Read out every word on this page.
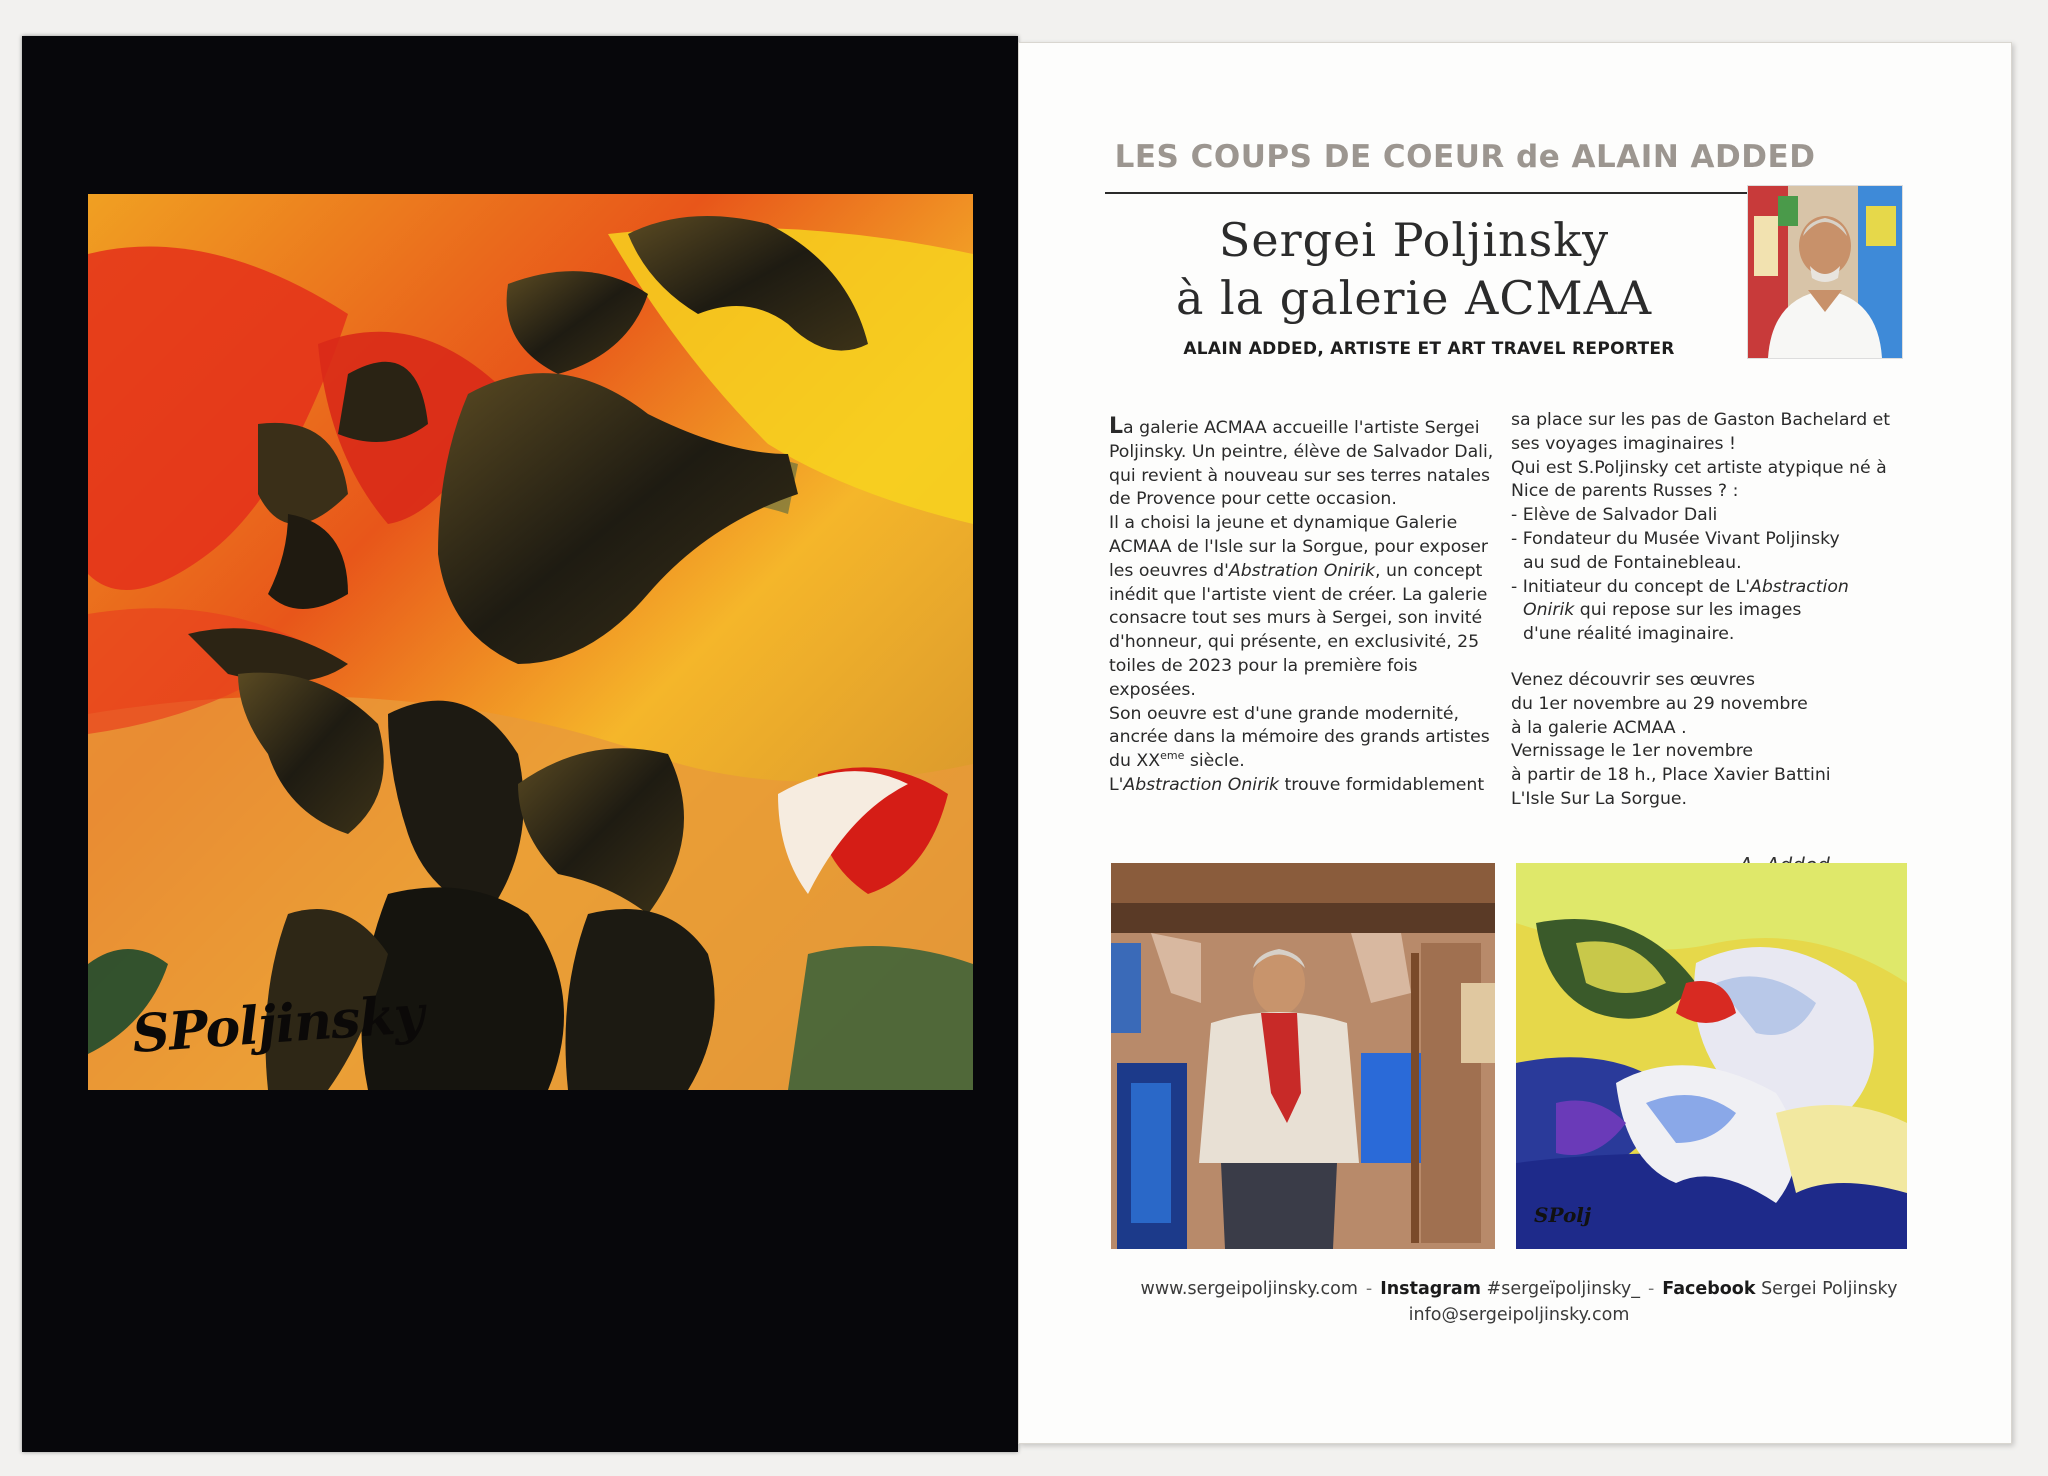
SPoljinsky
LES COUPS DE COEUR de ALAIN ADDED
Sergei Poljinsky
à la galerie ACMAA
ALAIN ADDED, ARTISTE ET ART TRAVEL REPORTER

La galerie ACMAA accueille l'artiste Sergei Poljinsky. Un peintre, élève de Salvador Dali, qui revient à nouveau sur ses terres natales de Provence pour cette occasion.

Il a choisi la jeune et dynamique Galerie ACMAA de l'Isle sur la Sorgue, pour exposer les oeuvres d'Abstration Onirik, un concept inédit que l'artiste vient de créer. La galerie consacre tout ses murs à Sergei, son invité d'honneur, qui présente, en exclusivité, 25 toiles de 2023 pour la première fois exposées.

Son oeuvre est d'une grande modernité, ancrée dans la mémoire des grands artistes du XXeme siècle.

L'Abstraction Onirik trouve formidablement

sa place sur les pas de Gaston Bachelard et ses voyages imaginaires !

Qui est S.Poljinsky cet artiste atypique né à Nice de parents Russes ? :

- Elève de Salvador Dali

- Fondateur du Musée Vivant Poljinsky

au sud de Fontainebleau.

- Initiateur du concept de L'Abstraction

Onirik qui repose sur les images

d'une réalité imaginaire.

Venez découvrir ses œuvres

du 1er novembre au 29 novembre

à la galerie ACMAA .

Vernissage le 1er novembre

à partir de 18 h., Place Xavier Battini

L'Isle Sur La Sorgue.

SPolj
www.sergeipoljinsky.com - Instagram #sergeïpoljinsky_ - Facebook Sergei Poljinsky
info@sergeipoljinsky.com
